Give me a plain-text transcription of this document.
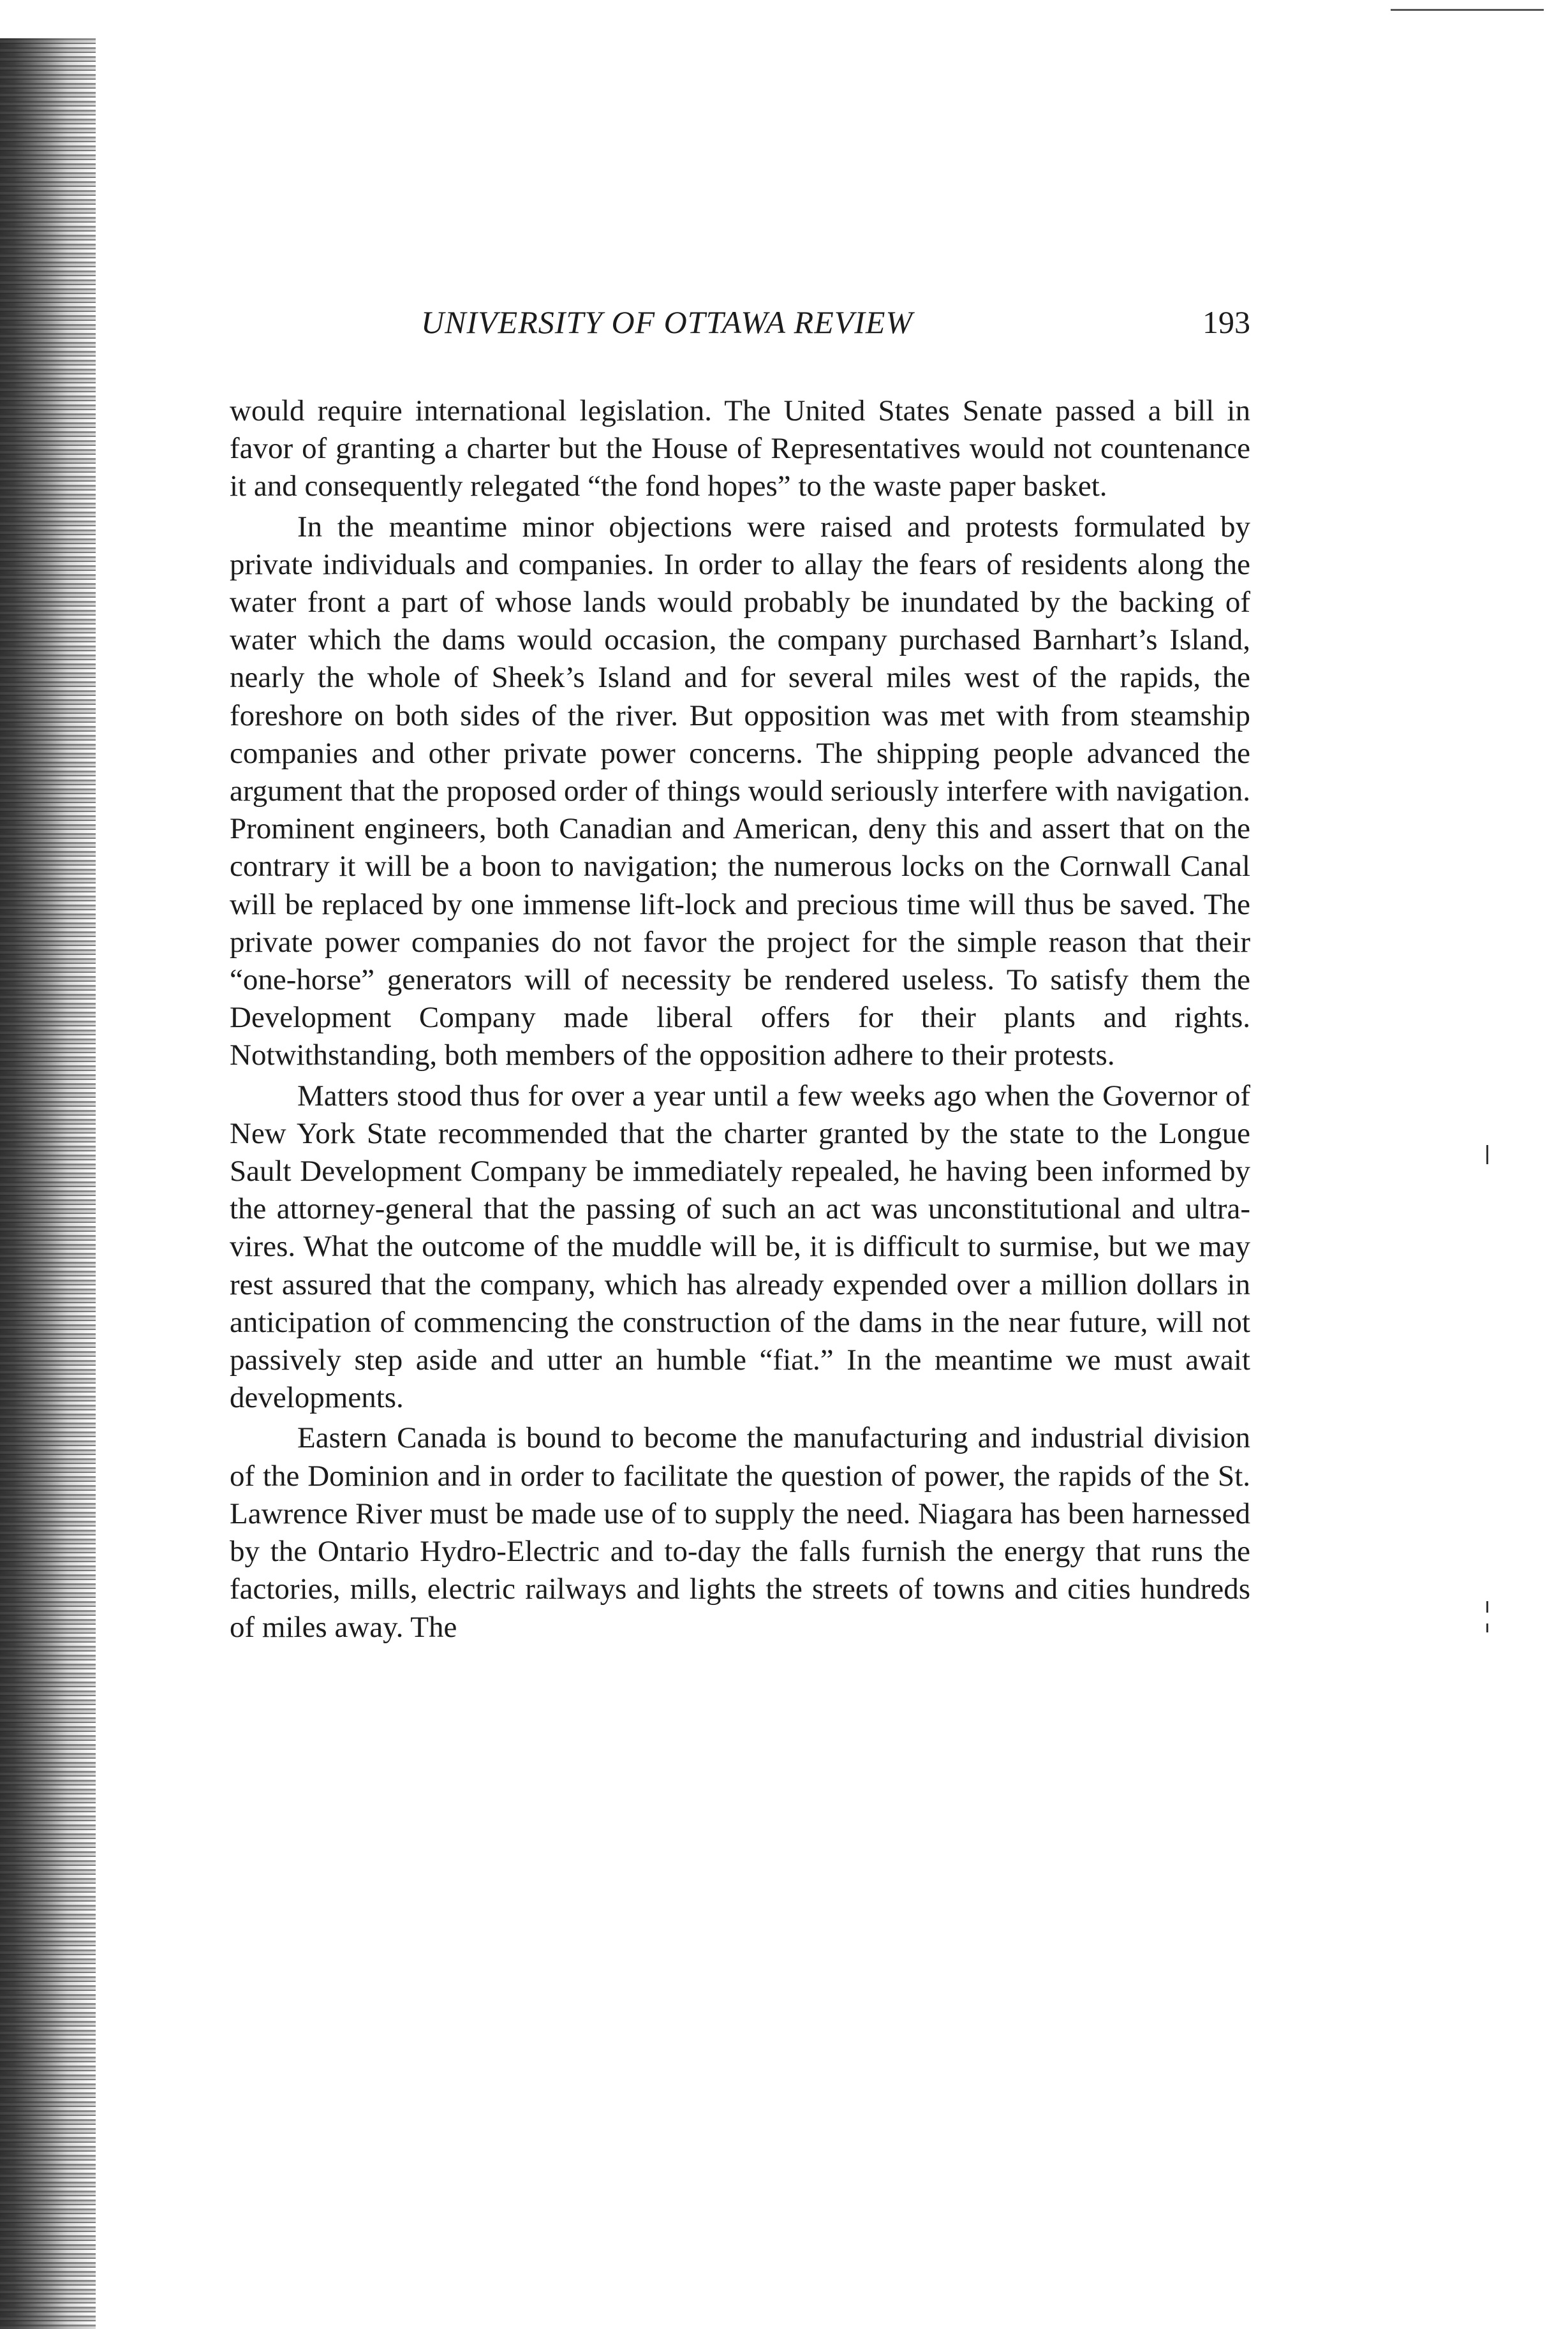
UNIVERSITY OF OTTAWA REVIEW	193

would require international legislation. The United States Senate passed a bill in favor of granting a charter but the House of Representatives would not countenance it and consequently relegated “the fond hopes” to the waste paper basket.

In the meantime minor objections were raised and protests formulated by private individuals and companies. In order to allay the fears of residents along the water front a part of whose lands would probably be inundated by the backing of water which the dams would occasion, the company purchased Barnhart’s Island, nearly the whole of Sheek’s Island and for several miles west of the rapids, the foreshore on both sides of the river. But opposition was met with from steamship companies and other private power concerns. The shipping people advanced the argument that the proposed order of things would seriously interfere with navigation. Prominent engineers, both Canadian and American, deny this and assert that on the contrary it will be a boon to navigation; the numerous locks on the Cornwall Canal will be replaced by one immense lift-lock and precious time will thus be saved. The private power companies do not favor the project for the simple reason that their “one-horse” generators will of necessity be rendered useless. To satisfy them the Development Company made liberal offers for their plants and rights. Notwithstanding, both members of the opposition adhere to their protests.

Matters stood thus for over a year until a few weeks ago when the Governor of New York State recommended that the charter granted by the state to the Longue Sault Development Company be immediately repealed, he having been informed by the attorney-general that the passing of such an act was unconstitutional and ultra-vires. What the outcome of the muddle will be, it is difficult to surmise, but we may rest assured that the company, which has already expended over a million dollars in anticipation of commencing the construction of the dams in the near future, will not passively step aside and utter an humble “fiat.” In the meantime we must await developments.

Eastern Canada is bound to become the manufacturing and industrial division of the Dominion and in order to facilitate the question of power, the rapids of the St. Lawrence River must be made use of to supply the need. Niagara has been harnessed by the Ontario Hydro-Electric and to-day the falls furnish the energy that runs the factories, mills, electric railways and lights the streets of towns and cities hundreds of miles away. The
